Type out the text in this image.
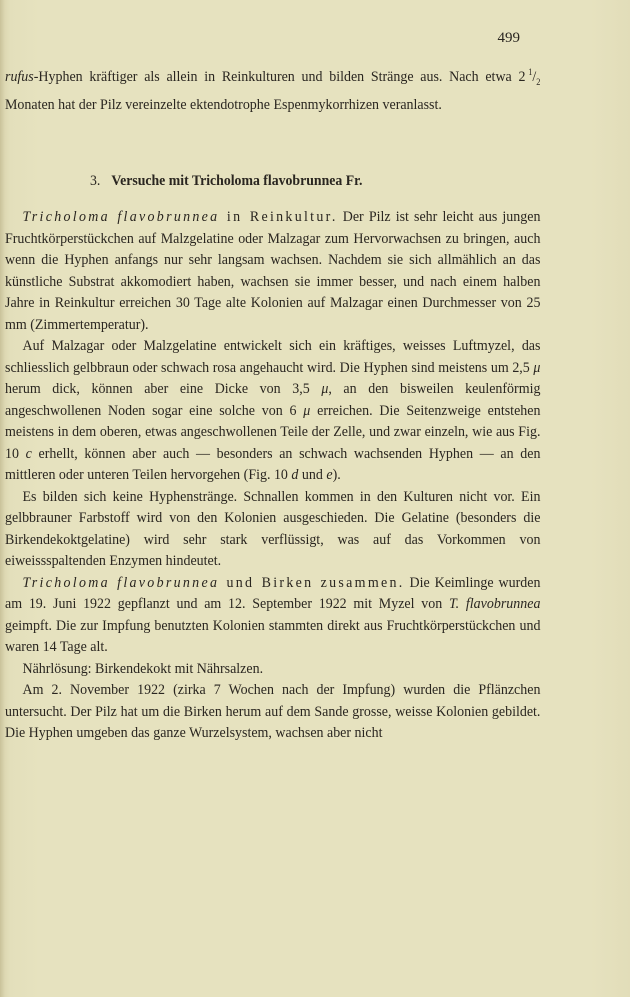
499

rufus-Hyphen kräftiger als allein in Reinkulturen und bilden Stränge aus. Nach etwa 2  $^1/_2$ Monaten hat der Pilz vereinzelte ektendotrophe Espenmykorrhizen veranlasst.

3. Versuche mit Tricholoma flavobrunnea Fr.

Tricholoma flavobrunnea in Reinkultur. Der Pilz ist sehr leicht aus jungen Fruchtkörperstückchen auf Malzgelatine oder Malzagar zum Hervorwachsen zu bringen, auch wenn die Hyphen anfangs nur sehr langsam wachsen. Nachdem sie sich allmählich an das künstliche Substrat akkomodiert haben, wachsen sie immer besser, und nach einem halben Jahre in Reinkultur erreichen 30 Tage alte Kolonien auf Malzagar einen Durchmesser von 25 mm (Zimmertemperatur).

Auf Malzagar oder Malzgelatine entwickelt sich ein kräftiges, weisses Luftmyzel, das schliesslich gelbbraun oder schwach rosa angehaucht wird. Die Hyphen sind meistens um 2,5 μ herum dick, können aber eine Dicke von 3,5 μ, an den bisweilen keulenförmig angeschwollenen Noden sogar eine solche von 6 μ erreichen. Die Seitenzweige entstehen meistens in dem oberen, etwas angeschwollenen Teile der Zelle, und zwar einzeln, wie aus Fig. 10 c erhellt, können aber auch — besonders an schwach wachsenden Hyphen — an den mittleren oder unteren Teilen hervorgehen (Fig. 10 d und e).

Es bilden sich keine Hyphenstränge. Schnallen kommen in den Kulturen nicht vor. Ein gelbbrauner Farbstoff wird von den Kolonien ausgeschieden. Die Gelatine (besonders die Birkendekoktgelatine) wird sehr stark verflüssigt, was auf das Vorkommen von eiweissspaltenden Enzymen hindeutet.

Tricholoma flavobrunnea und Birken zusammen. Die Keimlinge wurden am 19. Juni 1922 gepflanzt und am 12. September 1922 mit Myzel von T. flavobrunnea geimpft. Die zur Impfung benutzten Kolonien stammten direkt aus Fruchtkörperstückchen und waren 14 Tage alt.

Nährlösung: Birkendekokt mit Nährsalzen.

Am 2. November 1922 (zirka 7 Wochen nach der Impfung) wurden die Pflänzchen untersucht. Der Pilz hat um die Birken herum auf dem Sande grosse, weisse Kolonien gebildet. Die Hyphen umgeben das ganze Wurzelsystem, wachsen aber nicht
